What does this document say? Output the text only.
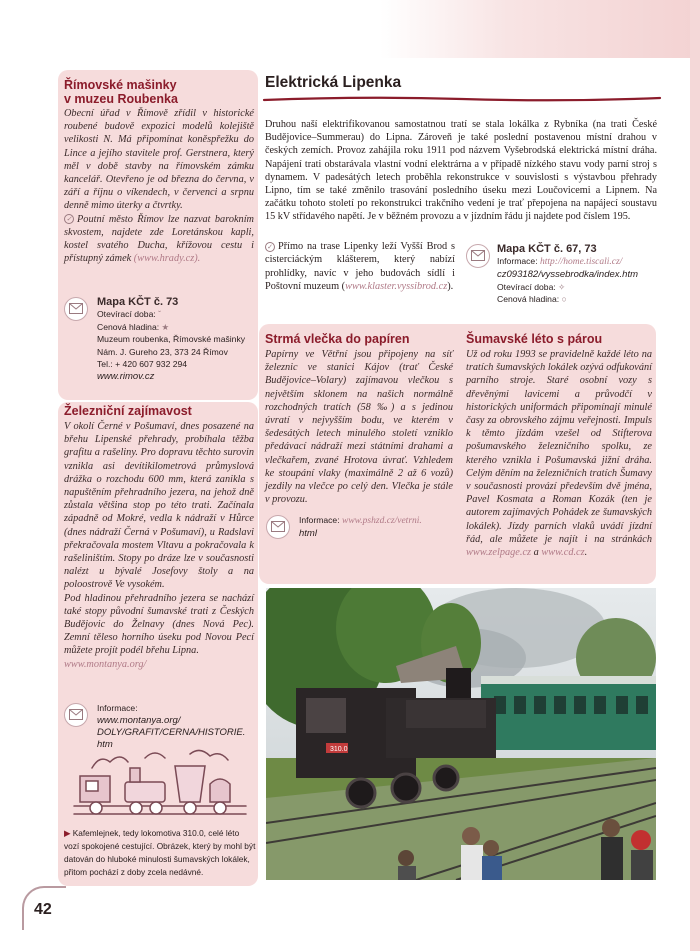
Římovské mašinky
v muzeu Roubenka

Obecní úřad v Římově zřídil v historické roubené budově expozici modelů kolejiště velikosti N. Má připomínat koněspřežku do Lince a jejího stavitele prof. Gerstnera, který měl v době stavby na římovském zámku kancelář. Otevřeno je od března do června, v září a říjnu o víkendech, v červenci a srpnu denně mimo úterky a čtvrtky.

✓ Poutní město Římov lze nazvat barokním skvostem, najdete zde Loretánskou kapli, kostel svatého Ducha, křížovou cestu i přístupný zámek (www.hrady.cz).

Mapa KČT č. 73
Otevírací doba: ˇ
Cenová hladina: ★
Muzeum roubenka, Římovské mašinky
Nám. J. Gureho 23, 373 24 Římov
Tel.: + 420 607 932 294
www.rimov.cz
Železniční zajímavost

V okolí Černé v Pošumaví, dnes posazené na břehu Lipenské přehrady, probíhala těžba grafitu a rašeliny. Pro dopravu těchto surovin vznikla asi devítikilometrová průmyslová drážka o rozchodu 600 mm, která zanikla s napuštěním přehradního jezera, na jehož dně zůstala většina stop po této trati. Začínala západně od Mokré, vedla k nádraží v Hůrce (dnes nádraží Černá v Pošumaví), u Radslavi překračovala mostem Vltavu a pokračovala k rašeliništím. Stopy po dráze lze v současnosti nalézt u bývalé Josefovy štoly a na poloostrově Ve vysokém.

Pod hladinou přehradního jezera se nachází také stopy původní šumavské trati z Českých Budějovic do Želnavy (dnes Nová Pec). Zemní těleso horního úseku pod Novou Pecí můžete projít podél břehu Lipna.

www.montanya.org/

Informace:
www.montanya.org/
DOLY/GRAFIT/CERNA/HISTORIE.
htm

▶ Kafemlejnek, tedy lokomotiva 310.0, celé léto vozí spokojené cestující. Obrázek, který by mohl být datován do hluboké minulosti šumavských lokálek, přitom pochází z doby zcela nedávné.

42
Elektrická Lipenka

Druhou naší elektrifikovanou samostatnou tratí se stala lokálka z Rybníka (na trati České Budějovice–Summerau) do Lipna. Zároveň je také poslední postavenou místní drahou v českých zemích. Provoz zahájila roku 1911 pod názvem Vyšebrodská elektrická místní dráha. Napájení trati obstarávala vlastní vodní elektrárna a v případě nízkého stavu vody parní stroj s dynamem. V padesátých letech proběhla rekonstrukce v souvislosti s výstavbou přehrady Lipno, tím se také změnilo trasování posledního úseku mezi Loučovicemi a Lipnem. Na začátku tohoto století po rekonstrukci trakčního vedení je trať přepojena na napájecí soustavu 15 kV střídavého napětí. Je v běžném provozu a v jízdním řádu ji najdete pod číslem 195.

✓ Přímo na trase Lipenky leží Vyšší Brod s cisterciáckým klášterem, který nabízí prohlídky, navíc v jeho budovách sídlí i Poštovní muzeum (www.klaster.vyssibrod.cz).

Mapa KČT č. 67, 73
Informace: http://home.tiscali.cz/
cz093182/vyssebrodka/index.htm
Otevírací doba: ✧
Cenová hladina: ○
Strmá vlečka do papíren

Papírny ve Větřní jsou připojeny na síť železnic ve stanici Kájov (trať České Budějovice–Volary) zajímavou vlečkou s největším sklonem na našich normálně rozchodných tratích (58 ‰) a s jedinou úvratí v nejvyšším bodu, ve kterém v šedesátých letech minulého století vzniklo předávací nádraží mezi státními drahami a vlečkařem, zvané Hrotova úvrať. Vzhledem ke stoupání vlaky (maximálně 2 až 6 vozů) jezdily na vlečce po celý den. Vlečka je stále v provozu.

Informace: www.pshzd.cz/vetrni.
html
Šumavské léto s párou

Už od roku 1993 se pravidelně každé léto na tratích šumavských lokálek ozývá odfukování parního stroje. Staré osobní vozy s dřevěnými lavicemi a průvodčí v historických uniformách připomínají minulé časy za obrovského zájmu veřejnosti. Impuls k těmto jízdám vzešel od Stifterova pošumavského železničního spolku, ze kterého vznikla i Pošumavská jižní dráha. Celým děním na železničních tratích Šumavy v současnosti provází především dvě jména, Pavel Kosmata a Roman Kozák (ten je autorem zajímavých Pohádek ze šumavských lokálek). Jízdy parních vlaků uvádí jízdní řád, ale můžete je najít i na stránkách www.zelpage.cz a www.cd.cz.

310.0
